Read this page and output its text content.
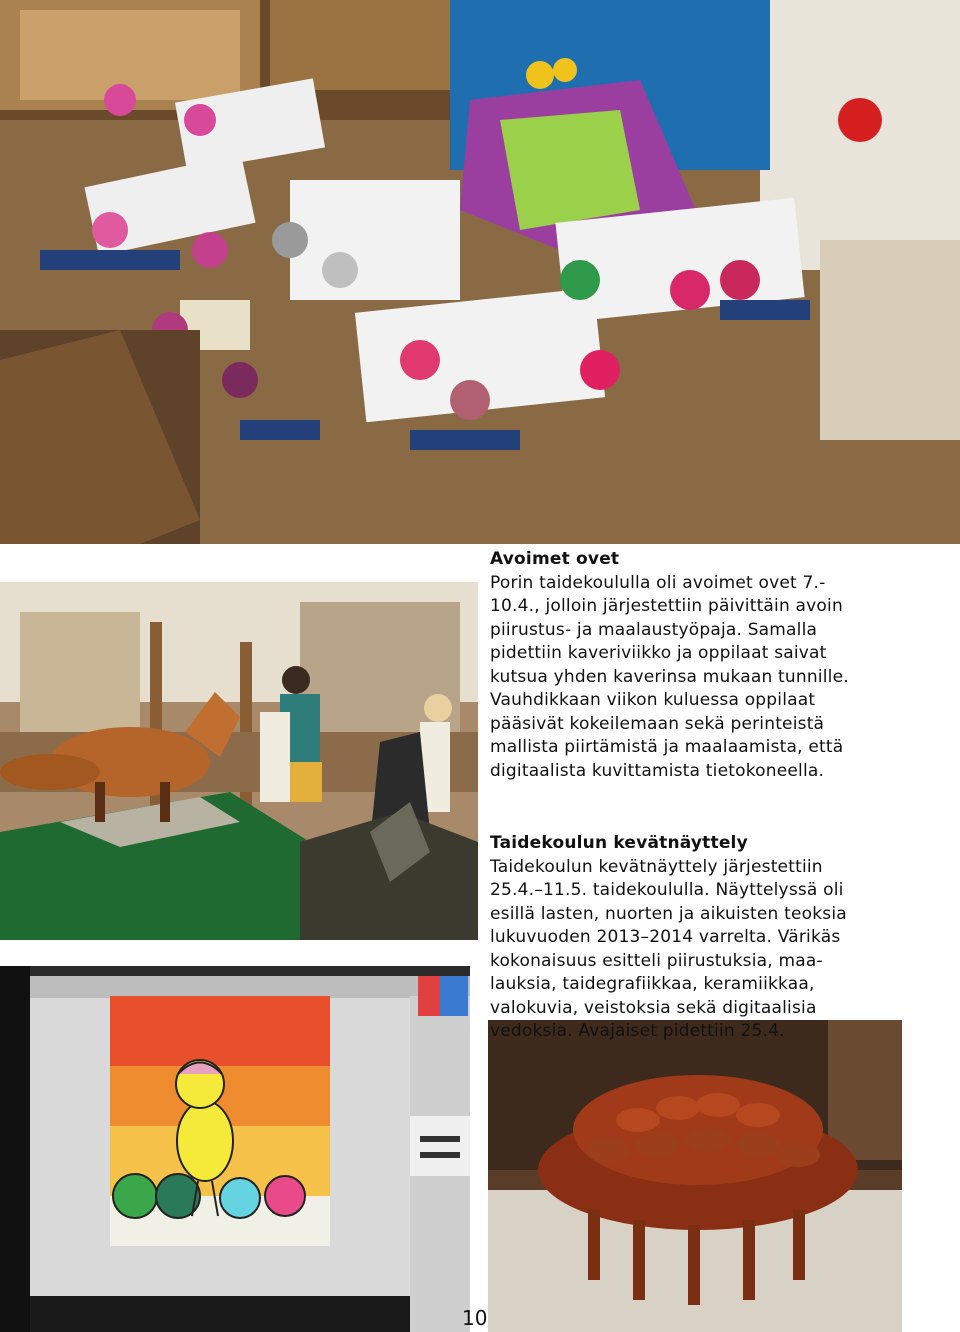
Avoimet ovet
Porin taidekoululla oli avoimet ovet 7.-
10.4., jolloin järjestettiin päivittäin avoin
piirustus- ja maalaustyöpaja. Samalla
pidettiin kaveriviikko ja oppilaat saivat
kutsua yhden kaverinsa mukaan tunnille.
Vauhdikkaan viikon kuluessa oppilaat
pääsivät kokeilemaan sekä perinteistä
mallista piirtämistä ja maalaamista, että
digitaalista kuvittamista tietokoneella.
Taidekoulun kevätnäyttely
Taidekoulun kevätnäyttely järjestettiin
25.4.–11.5. taidekoululla. Näyttelyssä oli
esillä lasten, nuorten ja aikuisten teoksia
lukuvuoden 2013–2014 varrelta. Värikäs
kokonaisuus esitteli piirustuksia, maa-
lauksia, taidegrafiikkaa, keramiikkaa,
valokuvia, veistoksia sekä digitaalisia
vedoksia. Avajaiset pidettiin 25.4.
10
